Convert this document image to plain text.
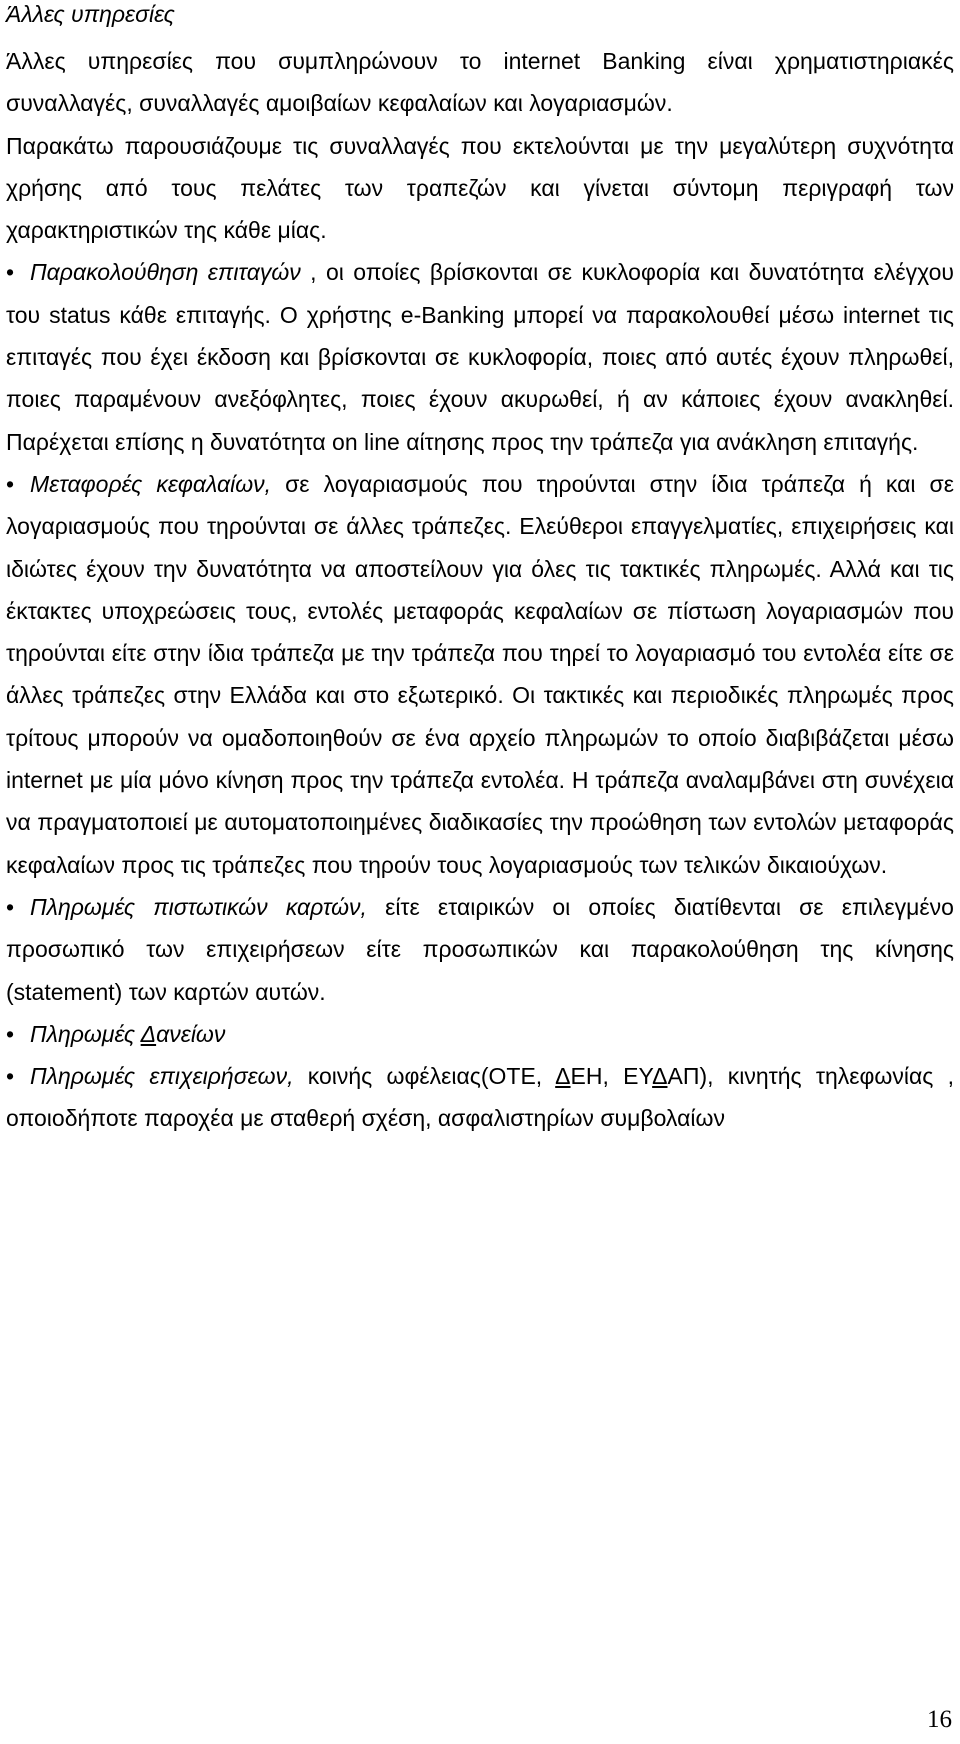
Άλλες υπηρεσίες

Άλλες υπηρεσίες που συμπληρώνουν το internet Banking είναι χρηματιστηριακές συναλλαγές, συναλλαγές αμοιβαίων κεφαλαίων και λογαριασμών.

Παρακάτω παρουσιάζουμε τις συναλλαγές που εκτελούνται με την μεγαλύτερη συχνότητα χρήσης από τους πελάτες των τραπεζών και γίνεται σύντομη περιγραφή των χαρακτηριστικών της κάθε μίας.

• Παρακολούθηση επιταγών , οι οποίες βρίσκονται σε κυκλοφορία και δυνατότητα ελέγχου του status κάθε επιταγής. Ο χρήστης e-Banking μπορεί να παρακολουθεί μέσω internet τις επιταγές που έχει έκδοση και βρίσκονται σε κυκλοφορία, ποιες από αυτές έχουν πληρωθεί, ποιες παραμένουν ανεξόφλητες, ποιες έχουν ακυρωθεί, ή αν κάποιες έχουν ανακληθεί. Παρέχεται επίσης η δυνατότητα on line αίτησης προς την τράπεζα για ανάκληση επιταγής.

• Μεταφορές κεφαλαίων, σε λογαριασμούς που τηρούνται στην ίδια τράπεζα ή και σε λογαριασμούς που τηρούνται σε άλλες τράπεζες. Ελεύθεροι επαγγελματίες, επιχειρήσεις και ιδιώτες έχουν την δυνατότητα να αποστείλουν για όλες τις τακτικές πληρωμές. Αλλά και τις έκτακτες υποχρεώσεις τους, εντολές μεταφοράς κεφαλαίων σε πίστωση λογαριασμών που τηρούνται είτε στην ίδια τράπεζα με την τράπεζα που τηρεί το λογαριασμό του εντολέα είτε σε άλλες τράπεζες στην Ελλάδα και στο εξωτερικό. Οι τακτικές και περιοδικές πληρωμές προς τρίτους μπορούν να ομαδοποιηθούν σε ένα αρχείο πληρωμών το οποίο διαβιβάζεται μέσω internet με μία μόνο κίνηση προς την τράπεζα εντολέα. Η τράπεζα αναλαμβάνει στη συνέχεια να πραγματοποιεί με αυτοματοποιημένες διαδικασίες την προώθηση των εντολών μεταφοράς κεφαλαίων προς τις τράπεζες που τηρούν τους λογαριασμούς των τελικών δικαιούχων.

• Πληρωμές πιστωτικών καρτών, είτε εταιρικών οι οποίες διατίθενται σε επιλεγμένο προσωπικό των επιχειρήσεων είτε προσωπικών και παρακολούθηση της κίνησης (statement) των καρτών αυτών.

• Πληρωμές Δανείων

• Πληρωμές επιχειρήσεων, κοινής ωφέλειας(ΟΤΕ, ΔΕΗ, ΕΥΔΑΠ), κινητής τηλεφωνίας , οποιοδήποτε παροχέα με σταθερή σχέση, ασφαλιστηρίων συμβολαίων

16
